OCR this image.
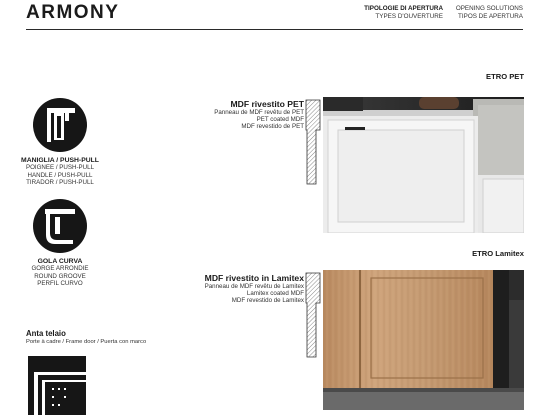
ARMONY	TIPOLOGIE DI APERTURA
TYPES D'OUVERTURE
OPENING SOLUTIONS
TIPOS DE APERTURA
MANIGLIA / PUSH-PULL
POIGNEE / PUSH-PULL
HANDLE / PUSH-PULL
TIRADOR / PUSH-PULL
GOLA CURVA
GORGE ARRONDIE
ROUND GROOVE
PERFIL CURVO
Anta telaio
Porte à cadre / Frame door / Puerta con marco
ETRO PET
MDF rivestito PET
Panneau de MDF revêtu de PET
PET coated MDF
MDF revestido de PET
ETRO Lamitex
MDF rivestito in Lamitex
Panneau de MDF revêtu de Lamitex
Lamitex coated MDF
MDF revestido de Lamitex
